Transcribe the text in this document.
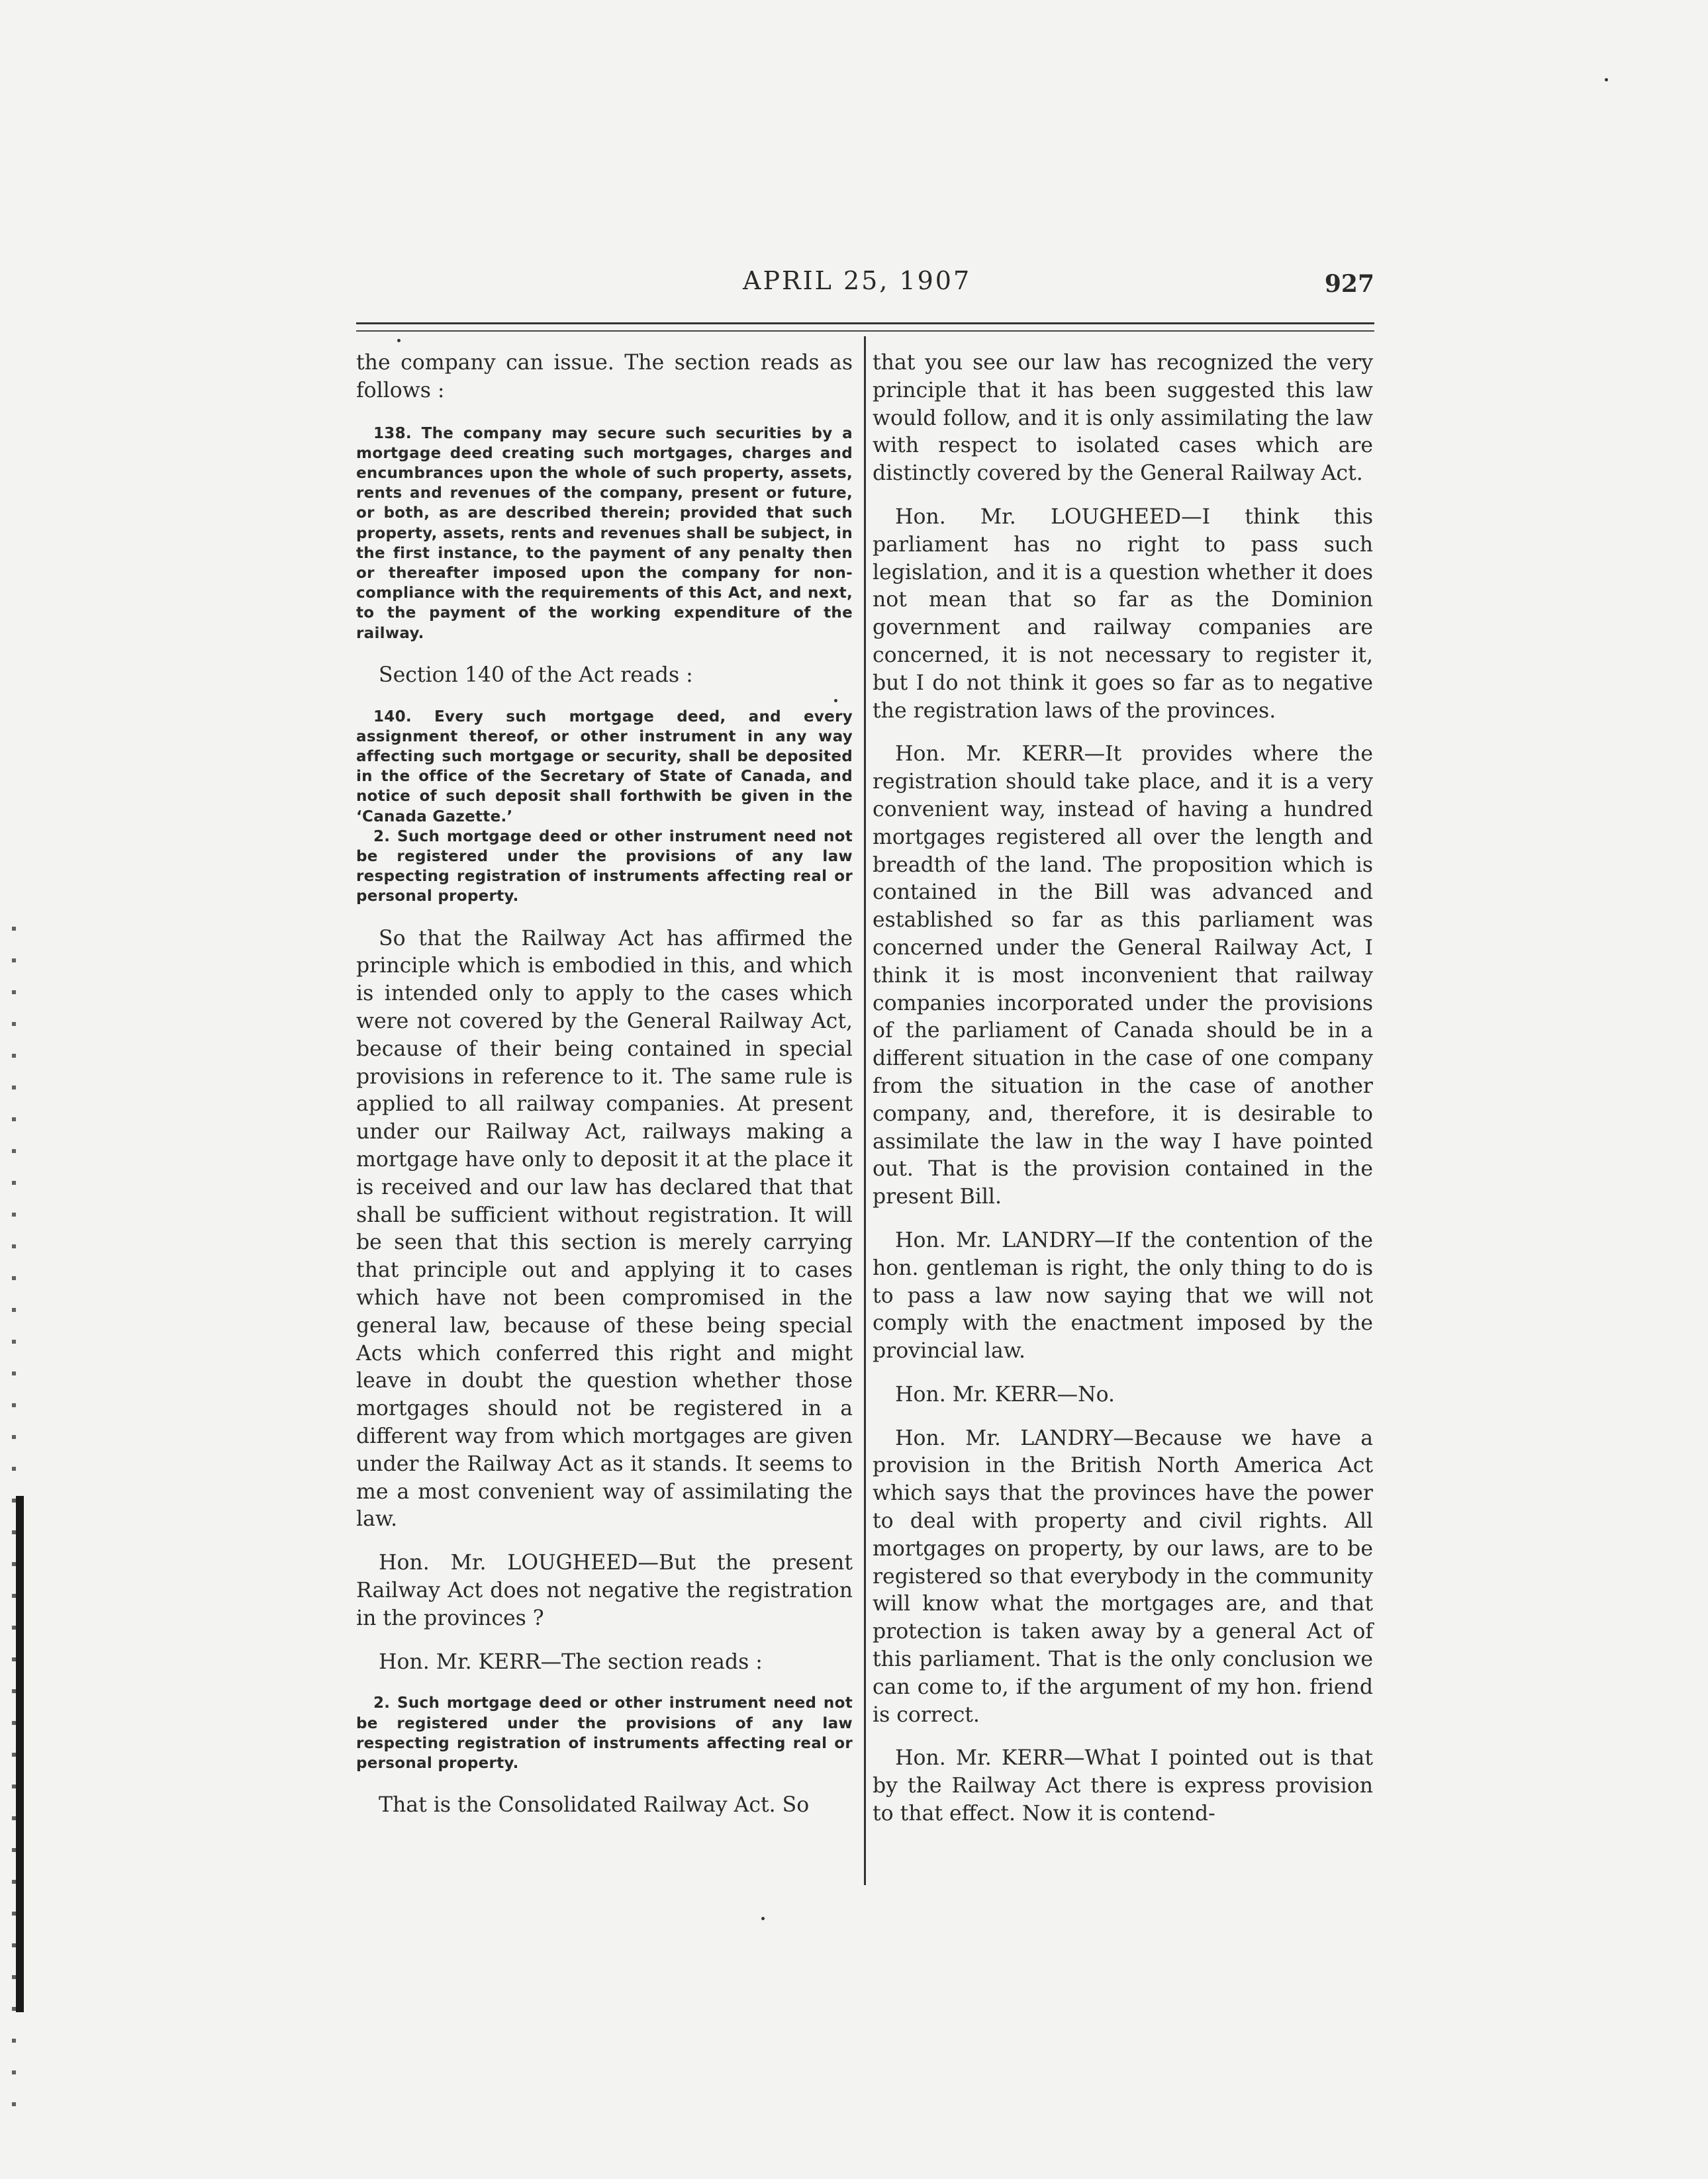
APRIL 25, 1907	927

the company can issue. The section reads as follows :

138. The company may secure such securities by a mortgage deed creating such mortgages, charges and encumbrances upon the whole of such property, assets, rents and revenues of the company, present or future, or both, as are described therein; provided that such property, assets, rents and revenues shall be subject, in the first instance, to the payment of any penalty then or thereafter imposed upon the company for non-compliance with the requirements of this Act, and next, to the payment of the working expenditure of the railway.

Section 140 of the Act reads :

140. Every such mortgage deed, and every assignment thereof, or other instrument in any way affecting such mortgage or security, shall be deposited in the office of the Secretary of State of Canada, and notice of such deposit shall forthwith be given in the ‘Canada Gazette.’

2. Such mortgage deed or other instrument need not be registered under the provisions of any law respecting registration of instruments affecting real or personal property.

So that the Railway Act has affirmed the principle which is embodied in this, and which is intended only to apply to the cases which were not covered by the General Railway Act, because of their being contained in special provisions in reference to it. The same rule is applied to all railway companies. At present under our Railway Act, railways making a mortgage have only to deposit it at the place it is received and our law has declared that that shall be sufficient without registration. It will be seen that this section is merely carrying that principle out and applying it to cases which have not been compromised in the general law, because of these being special Acts which conferred this right and might leave in doubt the question whether those mortgages should not be registered in a different way from which mortgages are given under the Railway Act as it stands. It seems to me a most convenient way of assimilating the law.

Hon. Mr. LOUGHEED—But the present Railway Act does not negative the registration in the provinces ?

Hon. Mr. KERR—The section reads :

2. Such mortgage deed or other instrument need not be registered under the provisions of any law respecting registration of instruments affecting real or personal property.

That is the Consolidated Railway Act. So

that you see our law has recognized the very principle that it has been suggested this law would follow, and it is only assimilating the law with respect to isolated cases which are distinctly covered by the General Railway Act.

Hon. Mr. LOUGHEED—I think this parliament has no right to pass such legislation, and it is a question whether it does not mean that so far as the Dominion government and railway companies are concerned, it is not necessary to register it, but I do not think it goes so far as to negative the registration laws of the provinces.

Hon. Mr. KERR—It provides where the registration should take place, and it is a very convenient way, instead of having a hundred mortgages registered all over the length and breadth of the land. The proposition which is contained in the Bill was advanced and established so far as this parliament was concerned under the General Railway Act, I think it is most inconvenient that railway companies incorporated under the provisions of the parliament of Canada should be in a different situation in the case of one company from the situation in the case of another company, and, therefore, it is desirable to assimilate the law in the way I have pointed out. That is the provision contained in the present Bill.

Hon. Mr. LANDRY—If the contention of the hon. gentleman is right, the only thing to do is to pass a law now saying that we will not comply with the enactment imposed by the provincial law.

Hon. Mr. KERR—No.

Hon. Mr. LANDRY—Because we have a provision in the British North America Act which says that the provinces have the power to deal with property and civil rights. All mortgages on property, by our laws, are to be registered so that everybody in the community will know what the mortgages are, and that protection is taken away by a general Act of this parliament. That is the only conclusion we can come to, if the argument of my hon. friend is correct.

Hon. Mr. KERR—What I pointed out is that by the Railway Act there is express provision to that effect. Now it is contend-
